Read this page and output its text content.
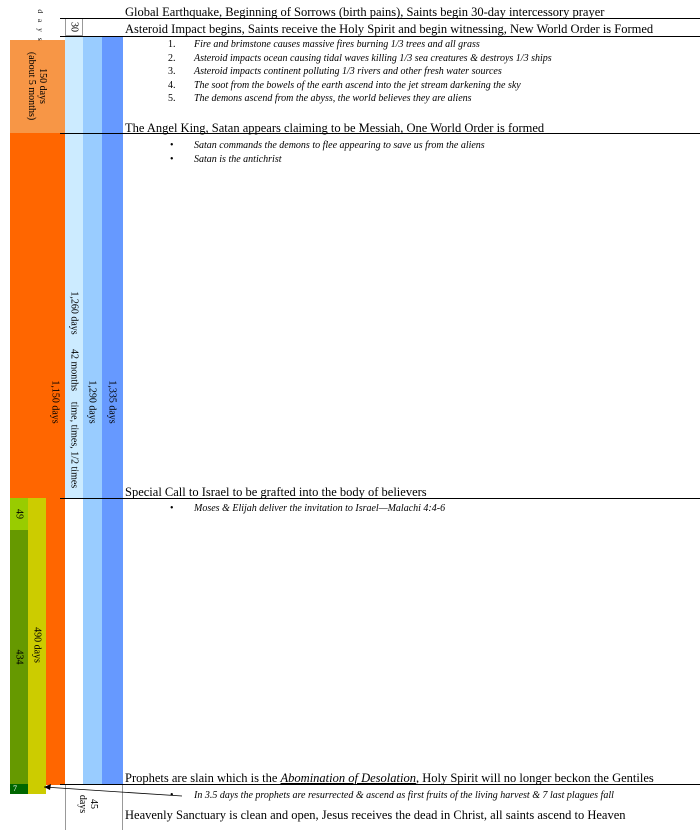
d a y s 30
150 days
(about 5 months)
1,150 days
1,260 days
42 months
time, times, 1/2 times 1,290 days 1,335 days
49
434 490 days
7
45
days
Global Earthquake, Beginning of Sorrows (birth pains), Saints begin 30-day intercessory prayer
Asteroid Impact begins, Saints receive the Holy Spirit and begin witnessing, New World Order is Formed
The Angel King, Satan appears claiming to be Messiah, One World Order is formed
Special Call to Israel to be grafted into the body of believers
Prophets are slain which is the Abomination of Desolation, Holy Spirit will no longer beckon the Gentiles
Heavenly Sanctuary is clean and open, Jesus receives the dead in Christ, all saints ascend to Heaven
1. Fire and brimstone causes massive fires burning 1/3 trees and all grass
2. Asteroid impacts ocean causing tidal waves killing 1/3 sea creatures & destroys 1/3 ships
3. Asteroid impacts continent polluting 1/3 rivers and other fresh water sources
4. The soot from the bowels of the earth ascend into the jet stream darkening the sky
5. The demons ascend from the abyss, the world believes they are aliens
• Satan commands the demons to flee appearing to save us from the aliens
• Satan is the antichrist
• Moses & Elijah deliver the invitation to Israel—Malachi 4:4-6
• In 3.5 days the prophets are resurrected & ascend as first fruits of the living harvest & 7 last plagues fall
